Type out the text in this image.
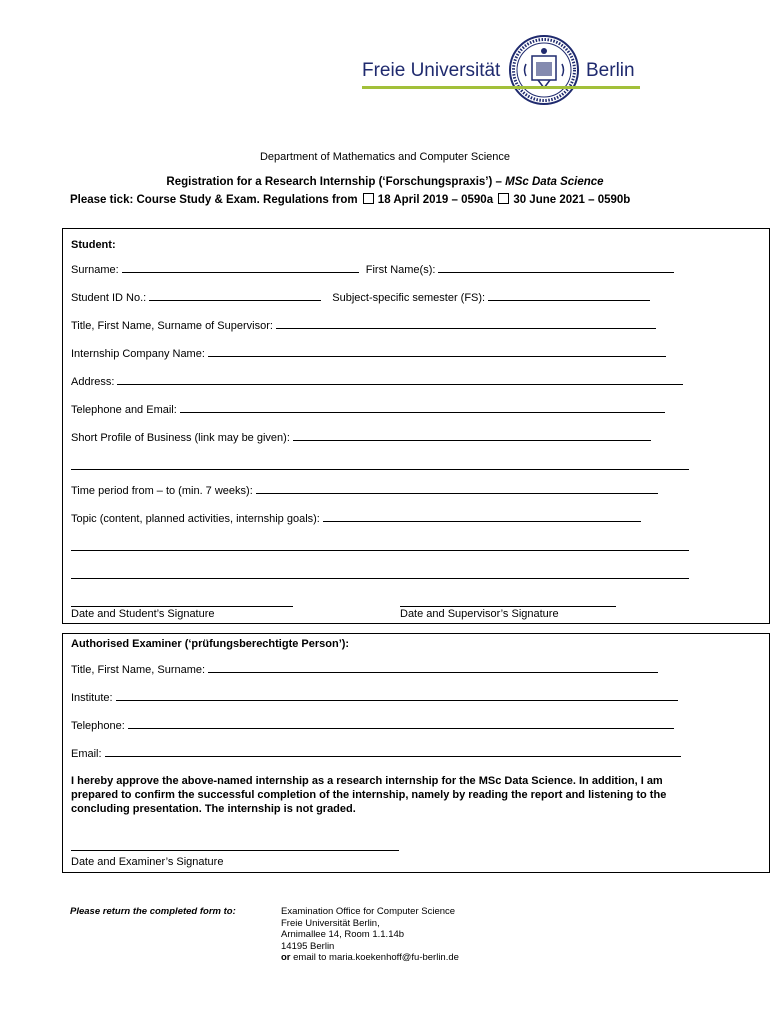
Freie Universität	Berlin
Department of Mathematics and Computer Science
Registration for a Research Internship (‘Forschungspraxis’) – MSc Data Science
Please tick: Course Study & Exam. Regulations from 18 April 2019 – 0590a 30 June 2021 – 0590b
Student:
Surname:	First Name(s):
Student ID No.:	Subject-specific semester (FS):
Title, First Name, Surname of Supervisor:
Internship Company Name:
Address:
Telephone and Email:
Short Profile of Business (link may be given):
Time period from – to (min. 7 weeks):
Topic (content, planned activities, internship goals):
Date and Student’s Signature	Date and Supervisor’s Signature
Authorised Examiner (‘prüfungsberechtigte Person’):
Title, First Name, Surname:
Institute:
Telephone:
Email:
I hereby approve the above-named internship as a research internship for the MSc Data Science. In addition, I am prepared to confirm the successful completion of the internship, namely by reading the report and listening to the concluding presentation. The internship is not graded.
Date and Examiner’s Signature
Please return the completed form to:	Examination Office for Computer Science
Freie Universität Berlin,
Arnimallee 14, Room 1.1.14b
14195 Berlin
or email to maria.koekenhoff@fu-berlin.de
